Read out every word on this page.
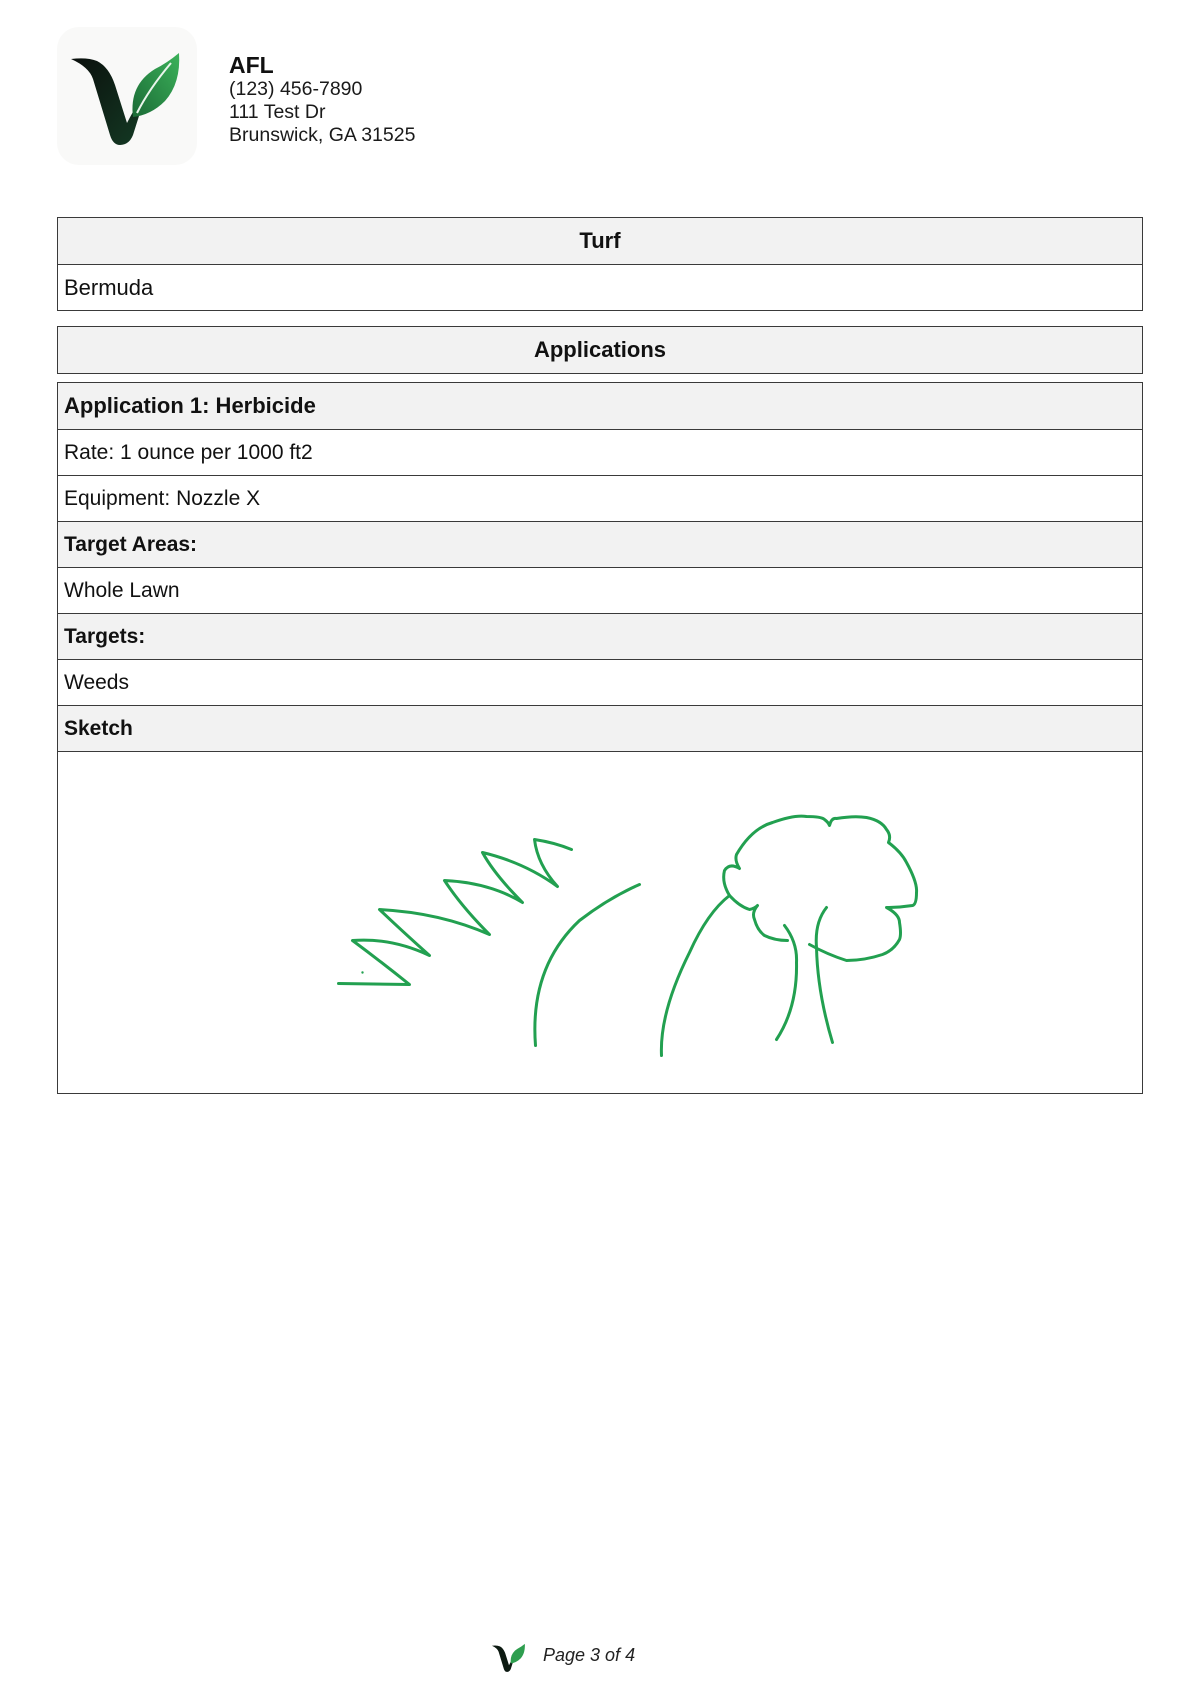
AFL
(123) 456-7890
111 Test Dr
Brunswick, GA 31525
Turf
Bermuda
Applications
Application 1: Herbicide
Rate: 1 ounce per 1000 ft2
Equipment: Nozzle X
Target Areas:
Whole Lawn
Targets:
Weeds
Sketch
Page 3 of 4
